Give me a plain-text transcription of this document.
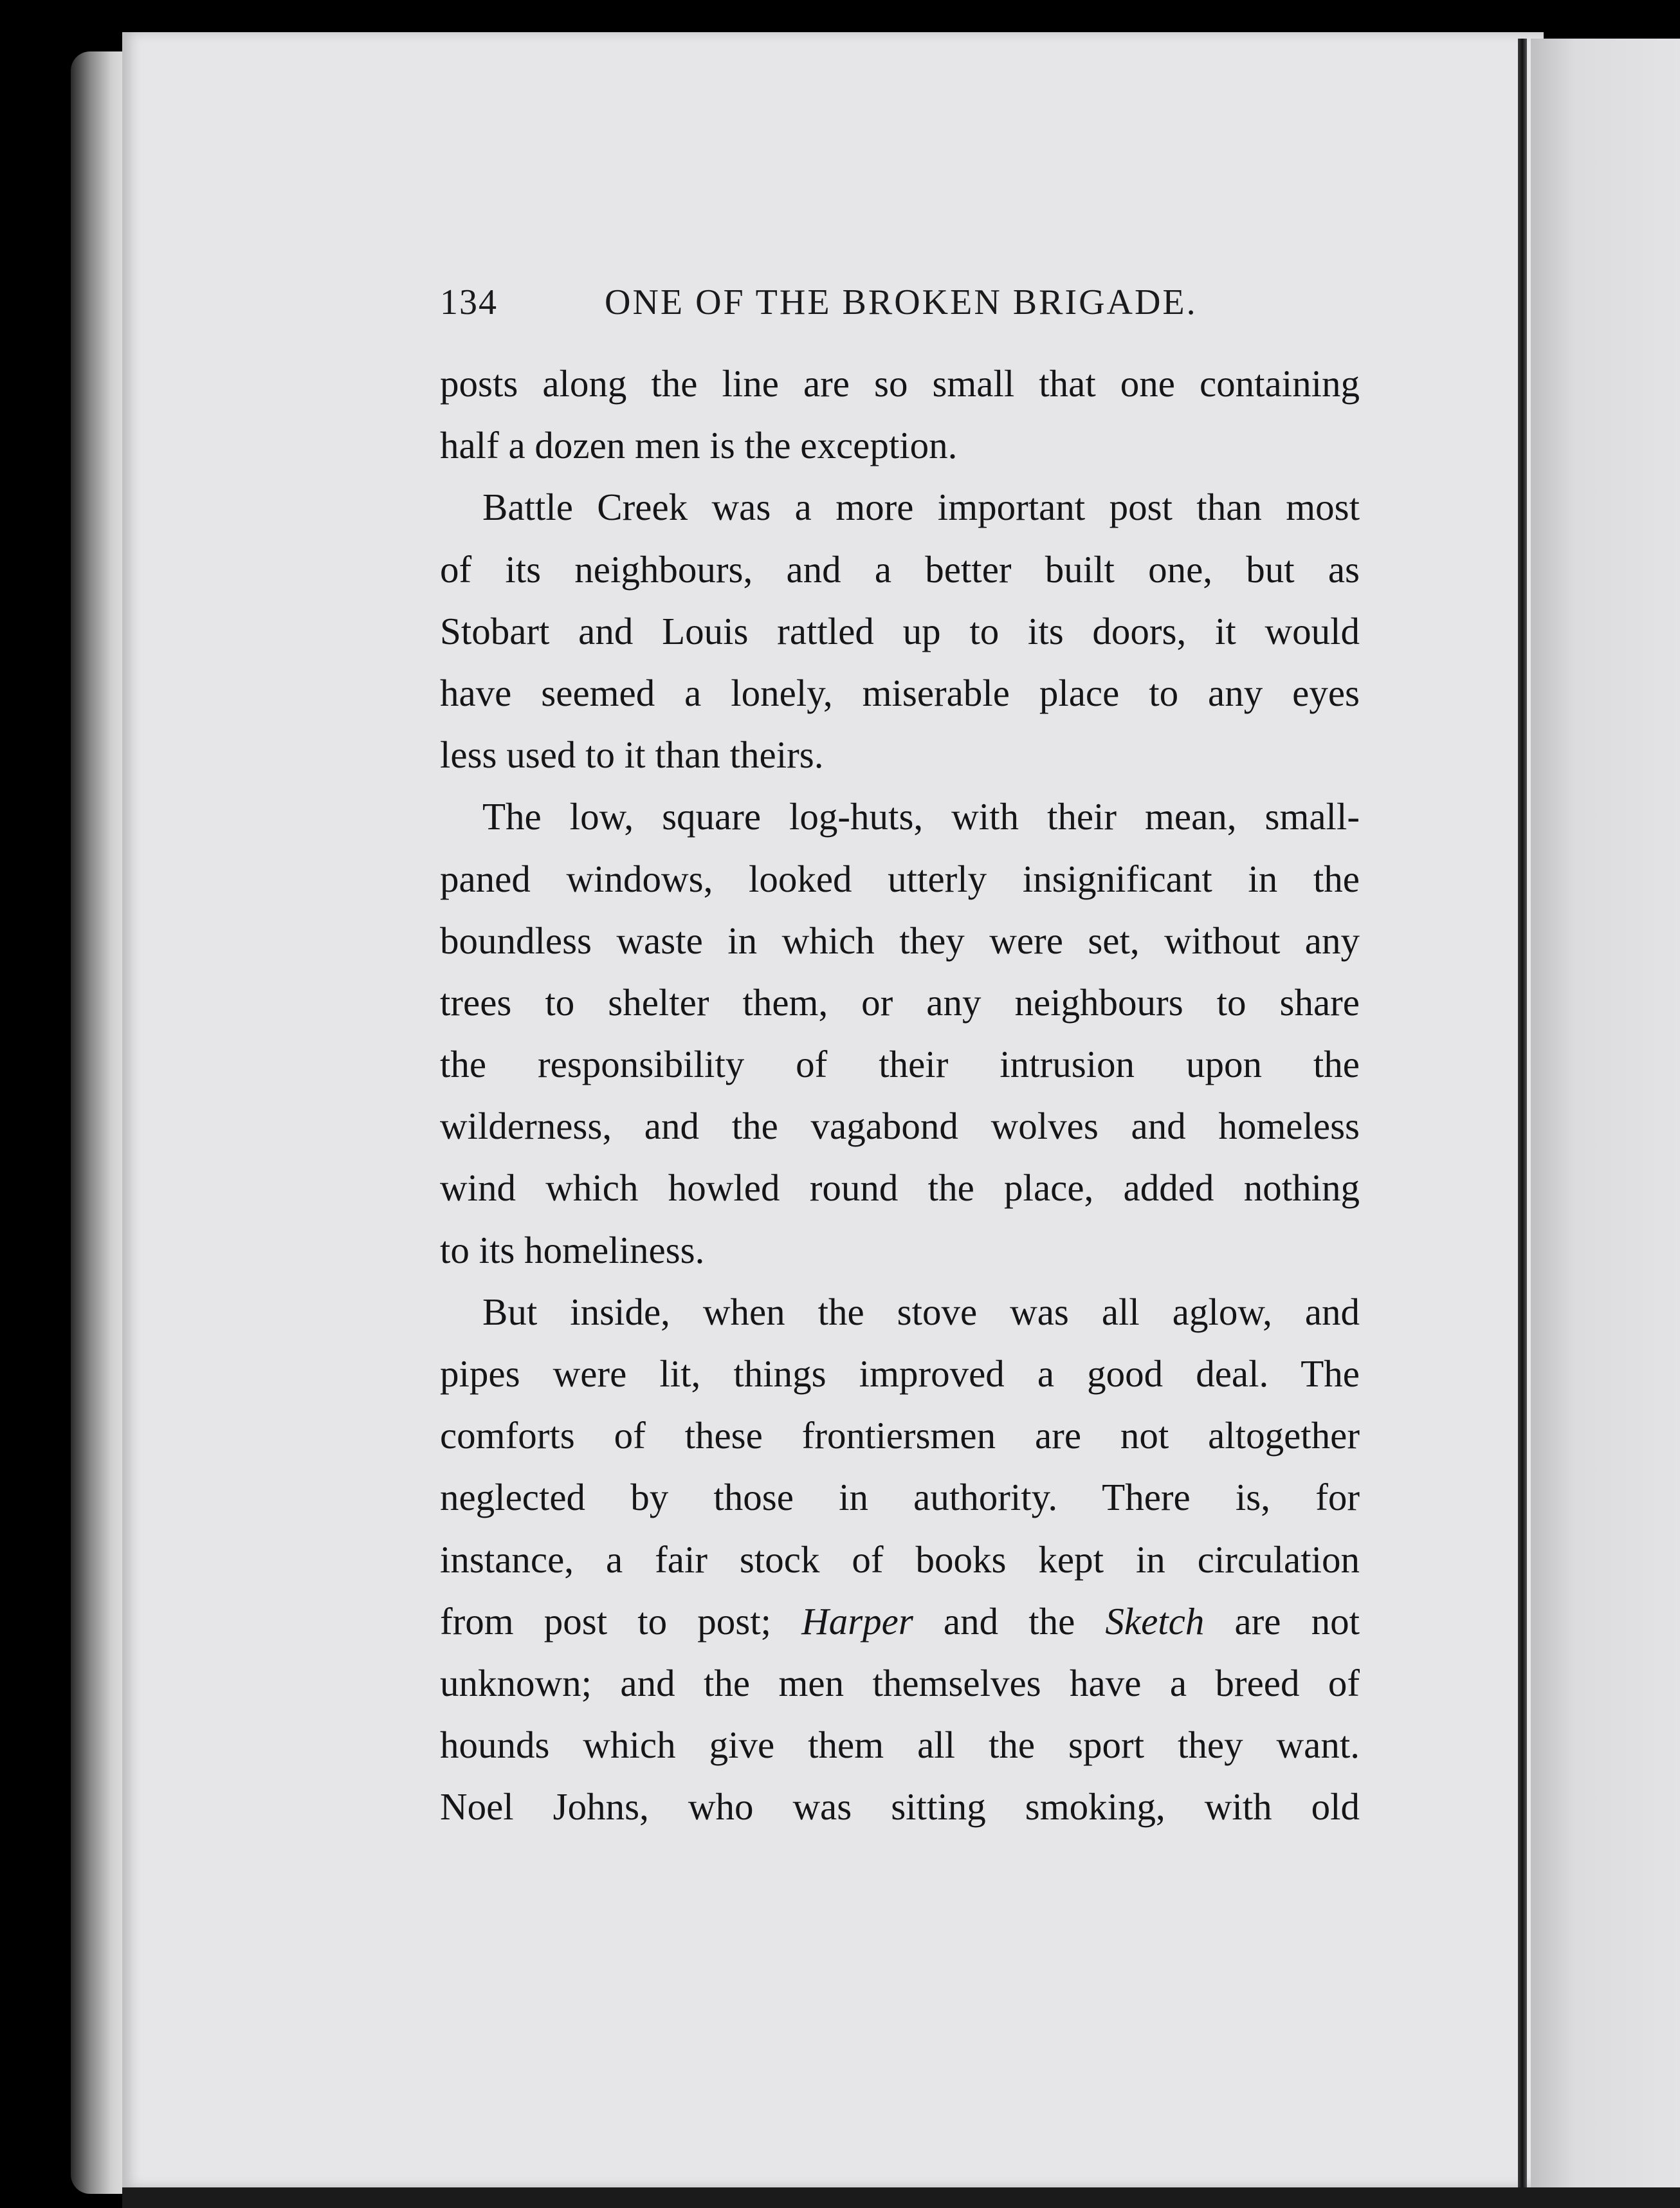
134	ONE OF THE BROKEN BRIGADE.

posts along the line are so small that one containing
half a dozen men is the exception.

Battle Creek was a more important post than most
of its neighbours, and a better built one, but as
Stobart and Louis rattled up to its doors, it would
have seemed a lonely, miserable place to any eyes
less used to it than theirs.

The low, square log-huts, with their mean, small-
paned windows, looked utterly insignificant in the
boundless waste in which they were set, without any
trees to shelter them, or any neighbours to share
the responsibility of their intrusion upon the
wilderness, and the vagabond wolves and homeless
wind which howled round the place, added nothing
to its homeliness.

But inside, when the stove was all aglow, and
pipes were lit, things improved a good deal. The
comforts of these frontiersmen are not altogether
neglected by those in authority. There is, for
instance, a fair stock of books kept in circulation
from post to post; Harper and the Sketch are not
unknown; and the men themselves have a breed of
hounds which give them all the sport they want.
Noel Johns, who was sitting smoking, with old
